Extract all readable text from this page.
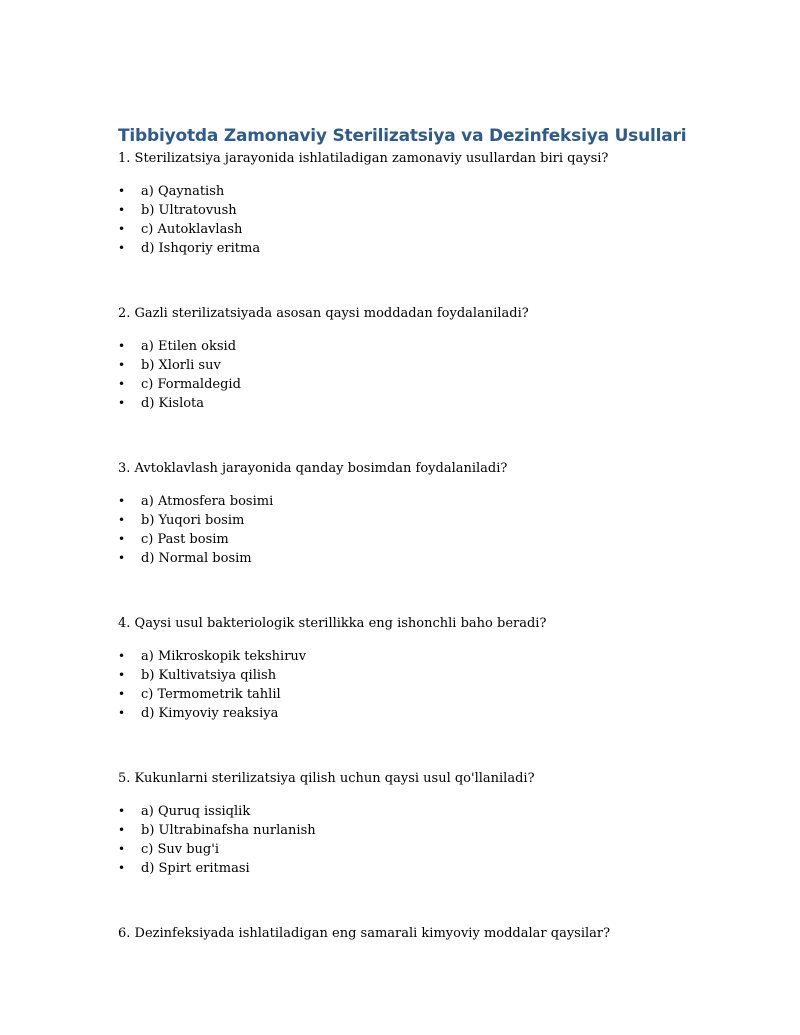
Tibbiyotda Zamonaviy Sterilizatsiya va Dezinfeksiya Usullari

1. Sterilizatsiya jarayonida ishlatiladigan zamonaviy usullardan biri qaysi?

• a) Qaynatish
• b) Ultratovush
• c) Autoklavlash
• d) Ishqoriy eritma

2. Gazli sterilizatsiyada asosan qaysi moddadan foydalaniladi?

• a) Etilen oksid
• b) Xlorli suv
• c) Formaldegid
• d) Kislota

3. Avtoklavlash jarayonida qanday bosimdan foydalaniladi?

• a) Atmosfera bosimi
• b) Yuqori bosim
• c) Past bosim
• d) Normal bosim

4. Qaysi usul bakteriologik sterillikka eng ishonchli baho beradi?

• a) Mikroskopik tekshiruv
• b) Kultivatsiya qilish
• c) Termometrik tahlil
• d) Kimyoviy reaksiya

5. Kukunlarni sterilizatsiya qilish uchun qaysi usul qo'llaniladi?

• a) Quruq issiqlik
• b) Ultrabinafsha nurlanish
• c) Suv bug'i
• d) Spirt eritmasi

6. Dezinfeksiyada ishlatiladigan eng samarali kimyoviy moddalar qaysilar?
